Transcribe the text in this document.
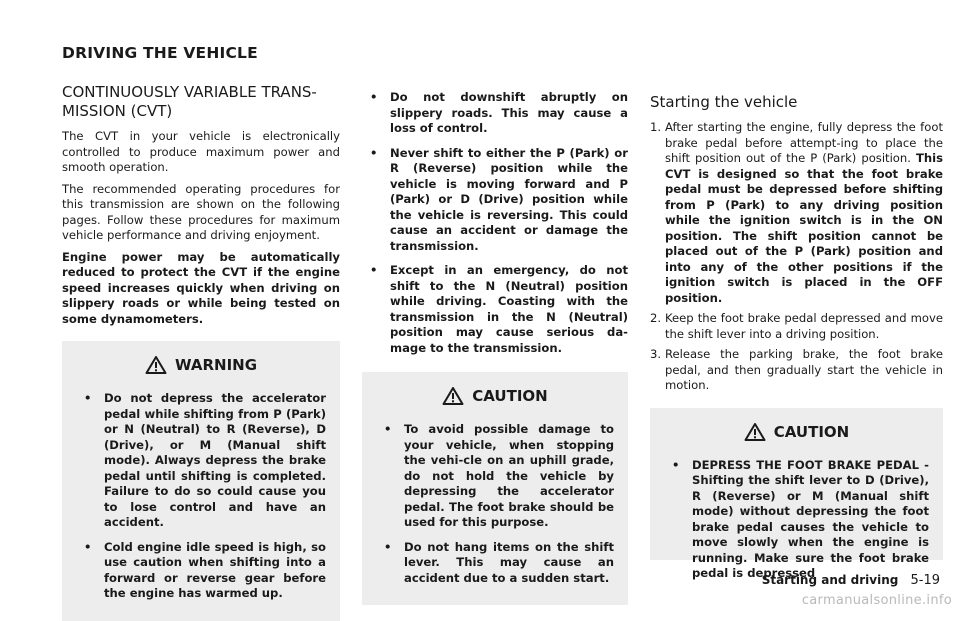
DRIVING THE VEHICLE
CONTINUOUSLY VARIABLE TRANS-
MISSION (CVT)

The CVT in your vehicle is electronically controlled to produce maximum power and smooth operation.

The recommended operating procedures for this transmission are shown on the following pages. Follow these procedures for maximum vehicle performance and driving enjoyment.

Engine power may be automatically reduced to protect the CVT if the engine speed increases quickly when driving on slippery roads or while being tested on some dynamometers.

WARNING
• Do not depress the accelerator pedal while shifting from P (Park) or N (Neutral) to R (Reverse), D (Drive), or M (Manual shift mode). Always depress the brake pedal until shifting is completed. Failure to do so could cause you to lose control and have an accident.
• Cold engine idle speed is high, so use caution when shifting into a forward or reverse gear before the engine has warmed up.
• Do not downshift abruptly on slippery roads. This may cause a loss of control.
• Never shift to either the P (Park) or R (Reverse) position while the vehicle is moving forward and P (Park) or D (Drive) position while the vehicle is reversing. This could cause an accident or damage the transmission.
• Except in an emergency, do not shift to the N (Neutral) position while driving. Coasting with the transmission in the N (Neutral) position may cause serious da-mage to the transmission.
CAUTION
• To avoid possible damage to your vehicle, when stopping the vehi-cle on an uphill grade, do not hold the vehicle by depressing the accelerator pedal. The foot brake should be used for this purpose.
• Do not hang items on the shift lever. This may cause an accident due to a sudden start.
Starting the vehicle
1. After starting the engine, fully depress the foot brake pedal before attempt-ing to place the shift position out of the P (Park) position. This CVT is designed so that the foot brake pedal must be depressed before shifting from P (Park) to any driving position while the ignition switch is in the ON position. The shift position cannot be placed out of the P (Park) position and into any of the other positions if the ignition switch is placed in the OFF position.
2. Keep the foot brake pedal depressed and move the shift lever into a driving position.
3. Release the parking brake, the foot brake pedal, and then gradually start the vehicle in motion.
CAUTION
• DEPRESS THE FOOT BRAKE PEDAL - Shifting the shift lever to D (Drive), R (Reverse) or M (Manual shift mode) without depressing the foot brake pedal causes the vehicle to move slowly when the engine is running. Make sure the foot brake pedal is depressed
Starting and driving 5-19
carmanualsonline.info
